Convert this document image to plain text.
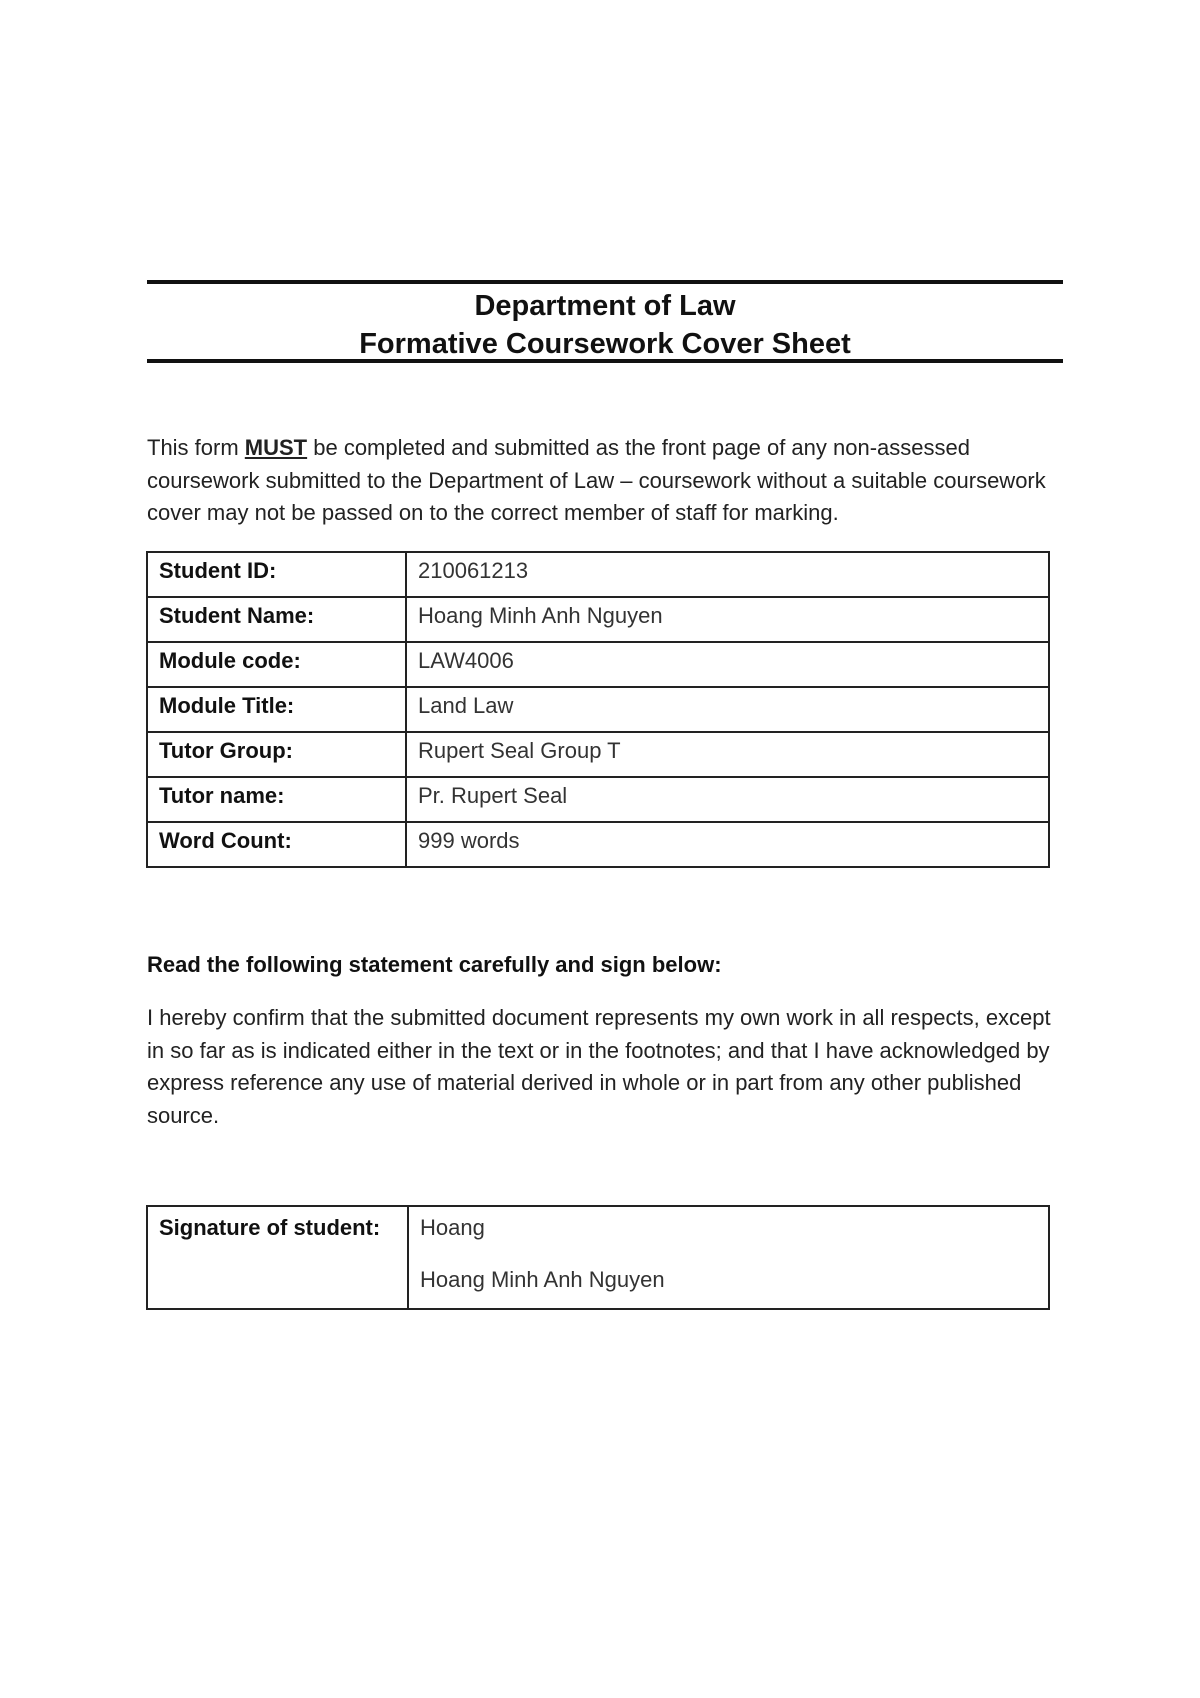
Department of Law
Formative Coursework Cover Sheet
This form MUST be completed and submitted as the front page of any non-assessed coursework submitted to the Department of Law – coursework without a suitable coursework cover may not be passed on to the correct member of staff for marking.
Student ID:	210061213
Student Name:	Hoang Minh Anh Nguyen
Module code:	LAW4006
Module Title:	Land Law
Tutor Group:	Rupert Seal Group T
Tutor name:	Pr. Rupert Seal
Word Count:	999 words
Read the following statement carefully and sign below:
I hereby confirm that the submitted document represents my own work in all respects, except in so far as is indicated either in the text or in the footnotes; and that I have acknowledged by express reference any use of material derived in whole or in part from any other published source.
Signature of student:	Hoang
Hoang Minh Anh Nguyen
